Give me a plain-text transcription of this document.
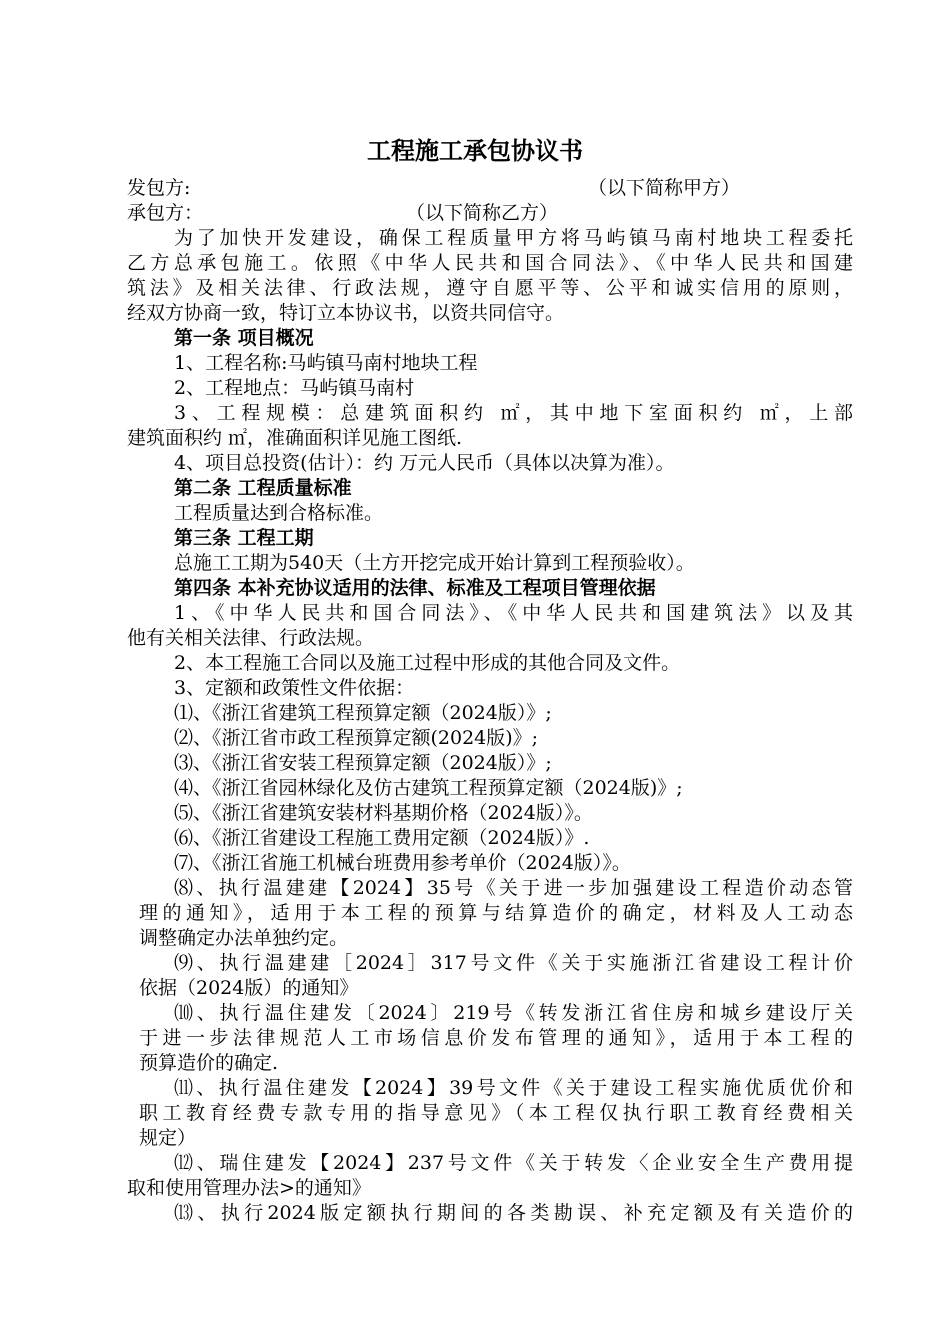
工程施工承包协议书
发包方:	（以下简称甲方）
承包方：	（以下简称乙方）
为了加快开发建设，确保工程质量甲方将马屿镇马南村地块工程委托
乙方总承包施工。依照《中华人民共和国合同法》、《中华人民共和国建
筑法》及相关法律、行政法规，遵守自愿平等、公平和诚实信用的原则，
经双方协商一致，特订立本协议书，以资共同信守。
第一条 项目概况
1、工程名称:马屿镇马南村地块工程
2、工程地点：马屿镇马南村
3、工程规模：总建筑面积约 ㎡，其中地下室面积约 ㎡，上部
建筑面积约 ㎡，准确面积详见施工图纸.
4、项目总投资(估计）：约 万元人民币（具体以决算为准）。
第二条 工程质量标准
工程质量达到合格标准。
第三条 工程工期
总施工工期为540天（土方开挖完成开始计算到工程预验收）。
第四条 本补充协议适用的法律、标准及工程项目管理依据
1、《中华人民共和国合同法》、《中华人民共和国建筑法》以及其
他有关相关法律、行政法规。
2、本工程施工合同以及施工过程中形成的其他合同及文件。
3、定额和政策性文件依据：
⑴、《浙江省建筑工程预算定额（2024版）》;
⑵、《浙江省市政工程预算定额(2024版)》;
⑶、《浙江省安装工程预算定额（2024版）》;
⑷、《浙江省园林绿化及仿古建筑工程预算定额（2024版)》;
⑸、《浙江省建筑安装材料基期价格（2024版）》。
⑹、《浙江省建设工程施工费用定额（2024版）》.
⑺、《浙江省施工机械台班费用参考单价（2024版）》。
⑻、执行温建建【2024】35号《关于进一步加强建设工程造价动态管
理的通知》，适用于本工程的预算与结算造价的确定，材料及人工动态
调整确定办法单独约定。
⑼、执行温建建［2024］317号文件《关于实施浙江省建设工程计价
依据（2024版）的通知》
⑽、执行温住建发〔2024〕219号《转发浙江省住房和城乡建设厅关
于进一步法律规范人工市场信息价发布管理的通知》，适用于本工程的
预算造价的确定.
⑾、执行温住建发【2024】39号文件《关于建设工程实施优质优价和
职工教育经费专款专用的指导意见》（本工程仅执行职工教育经费相关
规定）
⑿、瑞住建发【2024】237号文件《关于转发〈企业安全生产费用提
取和使用管理办法>的通知》
⒀、执行2024版定额执行期间的各类勘误、补充定额及有关造价的
